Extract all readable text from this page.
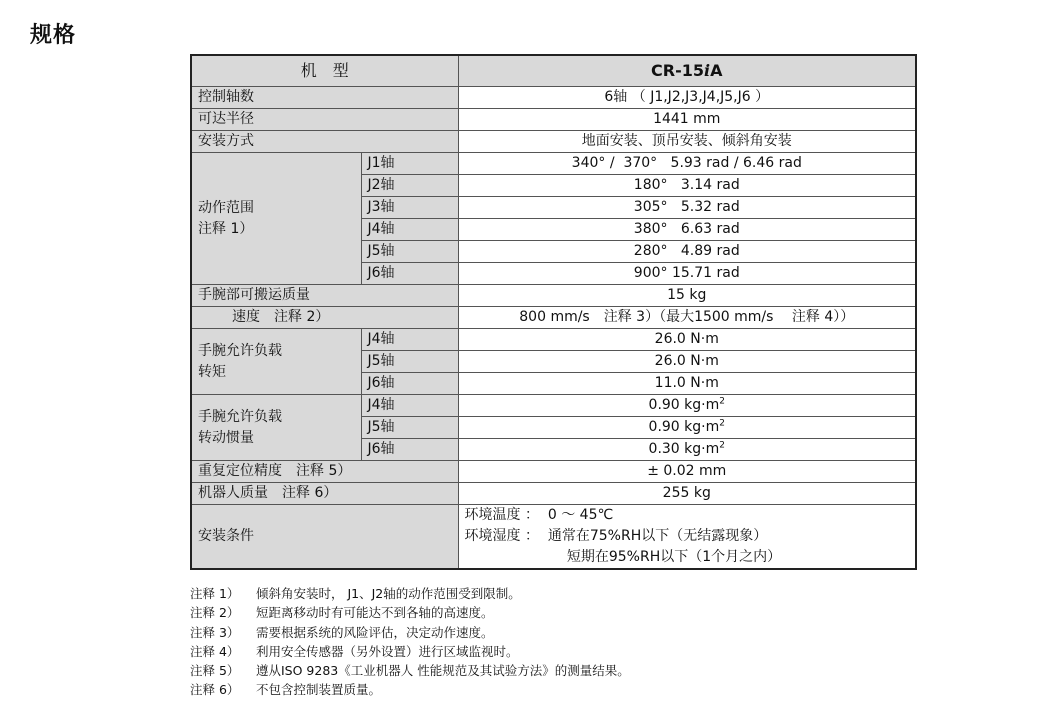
规格
机　型		CR-15iA
控制轴数		6轴 （ J1,J2,J3,J4,J5,J6 ）
可达半径		1441 mm
安装方式		地面安装、顶吊安装、倾斜角安装
动作范围
注释 1）	J1轴	340° /  370°   5.93 rad / 6.46 rad
	J2轴	180°   3.14 rad
	J3轴	305°   5.32 rad
	J4轴	380°   6.63 rad
	J5轴	280°   4.89 rad
	J6轴	900° 15.71 rad
手腕部可搬运质量		15 kg
速度　注释 2）		800 mm/s　注释 3）（最大1500 mm/s　 注释 4））
手腕允许负载
转矩	J4轴	26.0 N·m
	J5轴	26.0 N·m
	J6轴	11.0 N·m
手腕允许负载
转动惯量	J4轴	0.90 $kg\cdot m^2$
	J5轴	0.90 $kg\cdot m^2$
	J6轴	0.30 $kg\cdot m^2$
重复定位精度　注释 5）		± 0.02 mm
机器人质量　注释 6）		255 kg
安装条件		环境温度 ：  0 ～ 45℃
环境湿度 ：  通常在75%RH以下（无结露现象）
短期在95%RH以下（1个月之内）
注释 1）	倾斜角安装时， J1、J2轴的动作范围受到限制。
注释 2）	短距离移动时有可能达不到各轴的高速度。
注释 3）	需要根据系统的风险评估，决定动作速度。
注释 4）	利用安全传感器（另外设置）进行区域监视时。
注释 5）	遵从ISO 9283《工业机器人 性能规范及其试验方法》的测量结果。
注释 6）	不包含控制装置质量。
